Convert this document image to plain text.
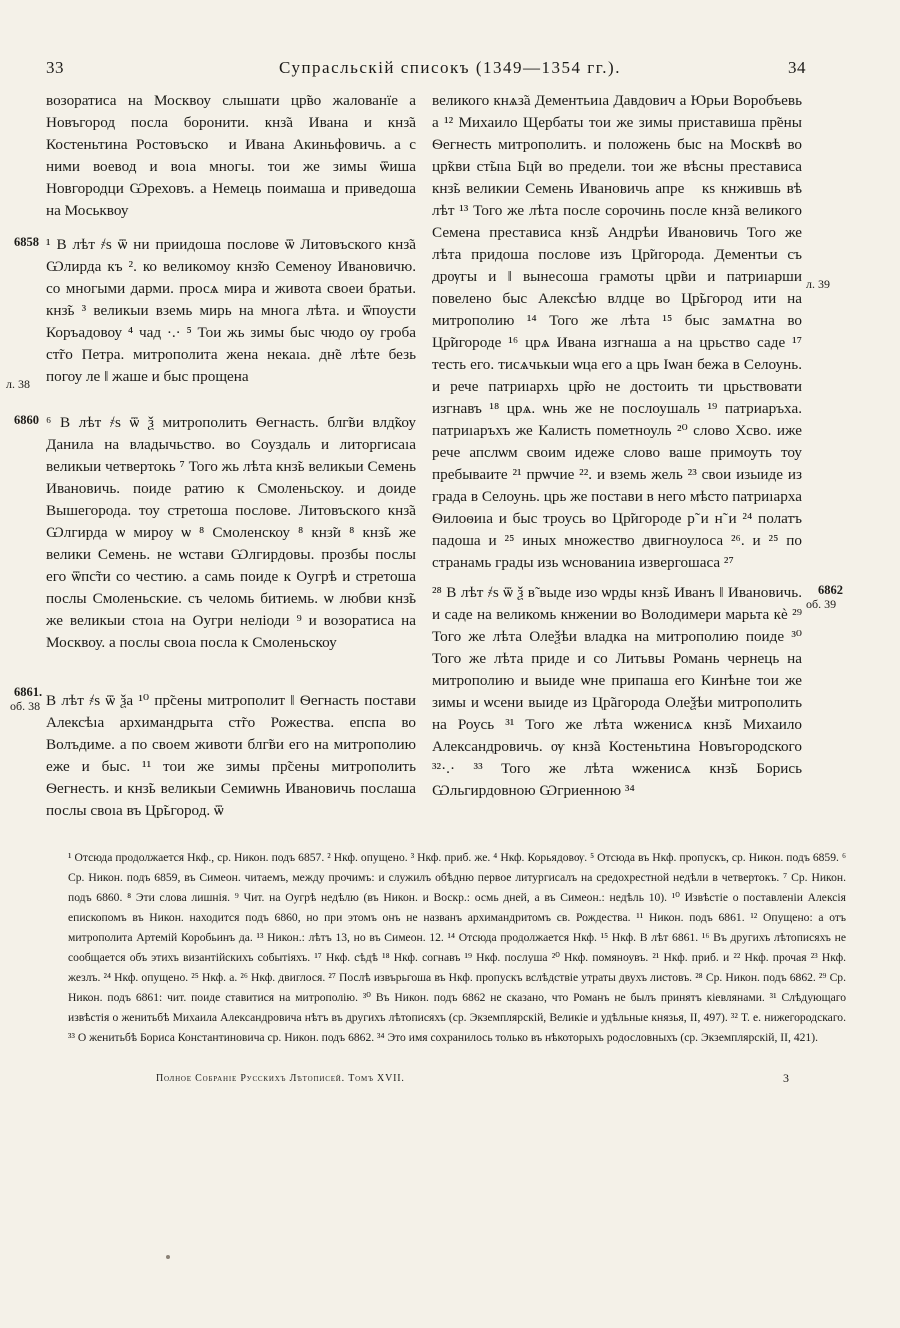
33	Супрасльскій списокъ (1349—1354 гг.).	34

возоратиса на Москвоу слышати цр̃во жалованїе а Новъгород посла боронити. кнз̃а Ивана и кнз̃а Костеньтина Ростовъскоⷢ и Ивана Акиньфовичь. а с ними воевод и воıа многы. тои же зимы ѿиша Новгородци Ѡреховъ. а Немець поимаша и приведоша на Моськвоу

6858 ¹ В лѣт ҂ѕ ѿ ни приидоша послове ѿ Литовъского кнз̃а Ѡлирда къ ². ко великомоу кнз̃ю Семеноу Ивановичю. со многыми дарми. просѧ мира и живота своеи братьи. кнз̃ь ³ великыи вземь мирь на многа лѣта. и ѿпоусти Коръадовоу ⁴ чад ·.· ⁵ Тои жь зимы быс чюдо оу гроба ст̃го Петра. митрополита жена некаıа. дн̃е лѣте безь погоу ле ‖ жаше и быс прощена

л. 38
6860 ⁶ В лѣт ҂ѕ ѿ ѯ митрополить Ѳегнасть. блг̃ви влд̃коу Данила на владычьство. во Соуздаль и литоргисаıа великыи четвертокь ⁷ Того жь лѣта кнз̃ь великыи Семень Ивановичь. поиде ратию к Смоленьскоу. и доиде Вышегорода. тоу стретоша послове. Литовъского кнз̃а Ѡлгирда ѡ мироу ѡ ⁸ Смоленскоу ⁸ кнз̃и ⁸ кнз̃ь же велики Семень. не ѡстави Ѡлгирдовы. прозбы послы его ѿпс̃ти со честию. а самь поиде к Оугрѣ и стретоша послы Смоленьские. съ челомь битиемь. ѡ любви кнз̃ь же великыи стоıа на Оугри неліоди ⁹ и возоратиса на Москвоу. а послы своıа посла к Смоленьскоу

6861.
об. 38 В лѣт ҂ѕ ѿ ѯа ¹⁰ пр̃сены митрополит ‖ Ѳегнасть постави Алексѣıа архимандрыта ст̃го Рожества. епспа во Волъдиме. а по своем животи блг̃ви его на митрополию еже и быс. ¹¹ тои же зимы пр̃сены митрополить Ѳегнесть. и кнз̃ь великыи Семиѡнь Ивановичь послаша послы своıа въ Цр̃ьгород. ѿ

великого кнѧз̃а Дементьиıа Давдович а Юрьи Воробъевь а ¹² Михаило Щербаты тои же зимы приставиша пр̃ены Ѳегнесть митрополить. и положень быс на Москвѣ во цр̃кви ст̃ыıа Бц̃и во предели. тои же вѣсны престависа кнз̃ь великии Семень Ивановичь апреⷧ кѕ кнжившь вѣ лѣт ¹³ Того же лѣта после сорочинь после кнз̃а великого Семена престависа кнз̃ь Андрѣи Ивановичь Того же лѣта придоша послове изъ Цр̃игорода. Дементьи съ дрѹгы и ‖ вынесоша грамоты цр̃ви и патриıарши повелено быс Алексѣю влдце во Цр̃ьгород ити на митрополию ¹⁴ Того же лѣта ¹⁵ быс замѧтна во Цр̃игороде ¹⁶ црѧ Ивана изгнаша а на црьство саде ¹⁷ тесть его. тисѧчькыи ѡца его а црь Іѡан бежа в Селоунь. и рече патриıархь цр̃ю не достоить ти црьствовати изгнавъ ¹⁸ црѧ. ѡнь же не послоушаль ¹⁹ патриаръха. патриıаръхъ же Калисть пометноуль ²⁰ слово Хсво. иже рече апслѡм своим идеже слово ваше примоуть тоу пребываите ²¹ прѡчие ²². и вземь жель ²³ свои изыиде из града в Селоунь. црь же постави в него мѣсто патриıарха Ѳилоѳиıа и быс троусь во Цр̃игороде р̃ и н̃ и ²⁴ полатъ падоша и ²⁵ иных множество двигноулоса ²⁶. и ²⁵ по странамь грады изь ѡснованиıа извергошаса ²⁷

л. 39
6862
об. 39

²⁸ В лѣт ҂ѕ ѿ ѯ в̃ выде изо ѡрды кнз̃ь Иванъ ‖ Ивановичь. и саде на великомь кнжении во Володимери марьта кѐ ²⁹ Того же лѣта Олеѯѣи владка на митрополию поиде ³⁰ Того же лѣта приде и со Литьвы Романь чернець на митрополию и выиде ѡне припаша его Кинѣне тои же зимы и ѡсени выиде из Цр̃агорода Олеѯѣи митрополить на Роусь ³¹ Того же лѣта ѡженисѧ кнз̃ь Михаило Александровичь. ѹ кнз̃а Костеньтина Новъгородского ³²·.· ³³ Того же лѣта ѡженисѧ кнз̃ь Борись Ѡльгирдовною Ѡгриенною ³⁴

¹ Отсюда продолжается Нкф., ср. Никон. подъ 6857. ² Нкф. опущено. ³ Нкф. приб. же. ⁴ Нкф. Корьядовѹ. ⁵ Отсюда въ Нкф. пропускъ, ср. Никон. подъ 6859. ⁶ Ср. Никон. подъ 6859, въ Симеон. читаемъ, между прочимъ: и служилъ обѣдню первое литургисалъ на средохрестной недѣли в четвертокъ. ⁷ Ср. Никон. подъ 6860. ⁸ Эти слова лишнія. ⁹ Чит. на Оугрѣ недѣлю (въ Никон. и Воскр.: осмь дней, а въ Симеон.: недѣль 10). ¹⁰ Извѣстіе о поставленіи Алексія епископомъ въ Никон. находится подъ 6860, но при этомъ онъ не названъ архимандритомъ св. Рождества. ¹¹ Никон. подъ 6861. ¹² Опущено: а отъ митрополита Артемій Коробьинъ да. ¹³ Никон.: лѣтъ 13, но въ Симеон. 12. ¹⁴ Отсюда продолжается Нкф. ¹⁵ Нкф. В лѣт 6861. ¹⁶ Въ другихъ лѣтописяхъ не сообщается объ этихъ византійскихъ событіяхъ. ¹⁷ Нкф. сѣдѣ ¹⁸ Нкф. согнавъ ¹⁹ Нкф. послуша ²⁰ Нкф. помяноувъ. ²¹ Нкф. приб. и ²² Нкф. прочая ²³ Нкф. жезлъ. ²⁴ Нкф. опущено. ²⁵ Нкф. а. ²⁶ Нкф. двиглося. ²⁷ Послѣ извърьгоша въ Нкф. пропускъ вслѣдствіе утраты двухъ листовъ. ²⁸ Ср. Никон. подъ 6862. ²⁹ Ср. Никон. подъ 6861: чит. поиде ставитися на митрополію. ³⁰ Въ Никон. подъ 6862 не сказано, что Романъ не былъ принятъ кіевлянами. ³¹ Слѣдующаго извѣстія о женитьбѣ Михаила Александровича нѣтъ въ другихъ лѣтописяхъ (ср. Экземплярскій, Великіе и удѣльные князья, II, 497). ³² Т. е. нижегородскаго. ³³ О женитьбѣ Бориса Константиновича ср. Никон. подъ 6862. ³⁴ Это имя сохранилось только въ нѣкоторыхъ родословныхъ (ср. Экземплярскій, II, 421).
Полное Собраніе Русскихъ Лѣтописей. Томъ XVII.	3
